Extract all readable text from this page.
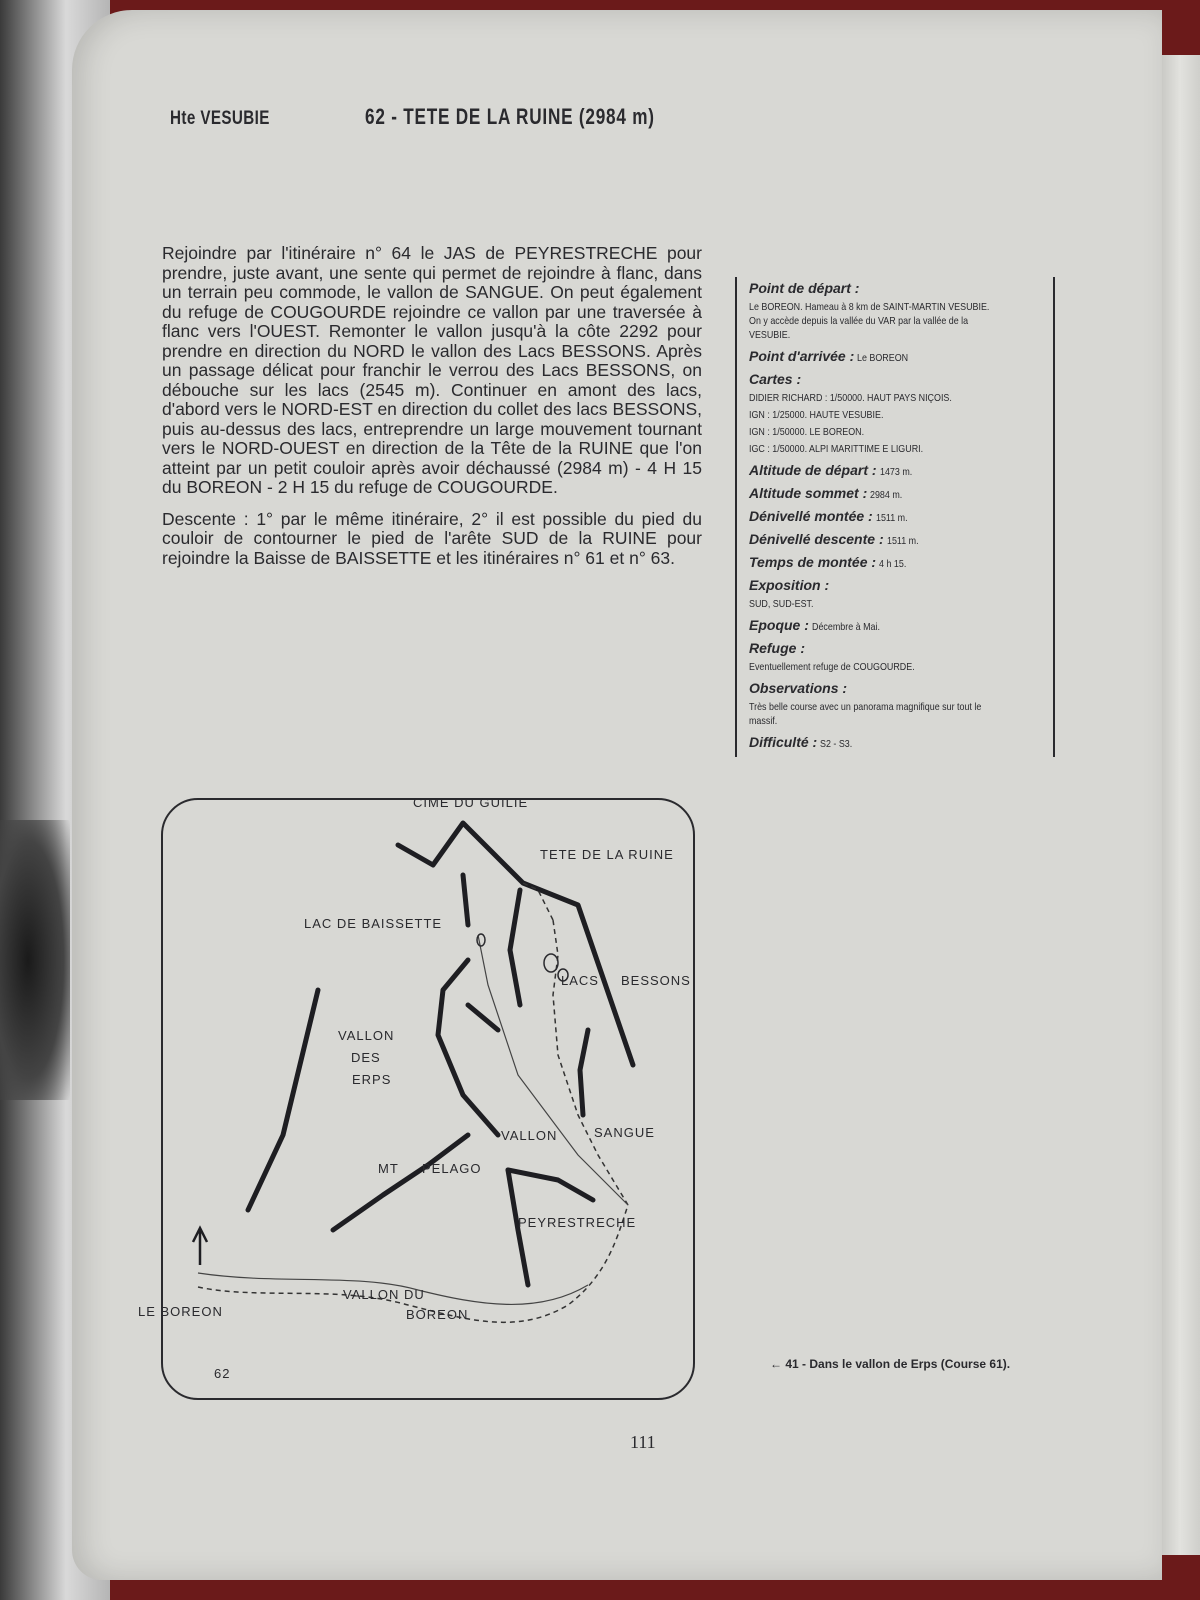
Hte VESUBIE	62 - TETE DE LA RUINE (2984 m)

Rejoindre par l'itinéraire n° 64 le JAS de PEYRESTRECHE pour prendre, juste avant, une sente qui permet de rejoindre à flanc, dans un terrain peu commode, le vallon de SANGUE. On peut également du refuge de COUGOURDE rejoindre ce vallon par une traversée à flanc vers l'OUEST. Remonter le vallon jusqu'à la côte 2292 pour prendre en direction du NORD le vallon des Lacs BESSONS. Après un passage délicat pour franchir le verrou des Lacs BESSONS, on débouche sur les lacs (2545 m). Continuer en amont des lacs, d'abord vers le NORD-EST en direction du collet des lacs BESSONS, puis au-dessus des lacs, entreprendre un large mouvement tournant vers le NORD-OUEST en direction de la Tête de la RUINE que l'on atteint par un petit couloir après avoir déchaussé (2984 m) - 4 H 15 du BOREON - 2 H 15 du refuge de COUGOURDE.

Descente : 1° par le même itinéraire, 2° il est possible du pied du couloir de contourner le pied de l'arête SUD de la RUINE pour rejoindre la Baisse de BAISSETTE et les itinéraires n° 61 et n° 63.

Point de départ :
Le BOREON. Hameau à 8 km de SAINT-MARTIN VESUBIE. On y accède depuis la vallée du VAR par la vallée de la VESUBIE.
Point d'arrivée : Le BOREON
Cartes :
DIDIER RICHARD : 1/50000. HAUT PAYS NIÇOIS.
IGN : 1/25000. HAUTE VESUBIE.
IGN : 1/50000. LE BOREON.
IGC : 1/50000. ALPI MARITTIME E LIGURI.
Altitude de départ : 1473 m.
Altitude sommet : 2984 m.
Dénivellé montée : 1511 m.
Dénivellé descente : 1511 m.
Temps de montée : 4 h 15.
Exposition :
SUD, SUD-EST.
Epoque : Décembre à Mai.
Refuge :
Eventuellement refuge de COUGOURDE.
Observations :
Très belle course avec un panorama magnifique sur tout le massif.
Difficulté : S2 - S3.
CIME DU GUILIE
TETE DE LA RUINE
LAC DE BAISSETTE
LACS BESSONS
VALLON
DES
ERPS
VALLON	SANGUE
MT PELAGO
PEYRESTRECHE
VALLON DU
BOREON
LE BOREON
62
← 41 - Dans le vallon de Erps (Course 61).
111
